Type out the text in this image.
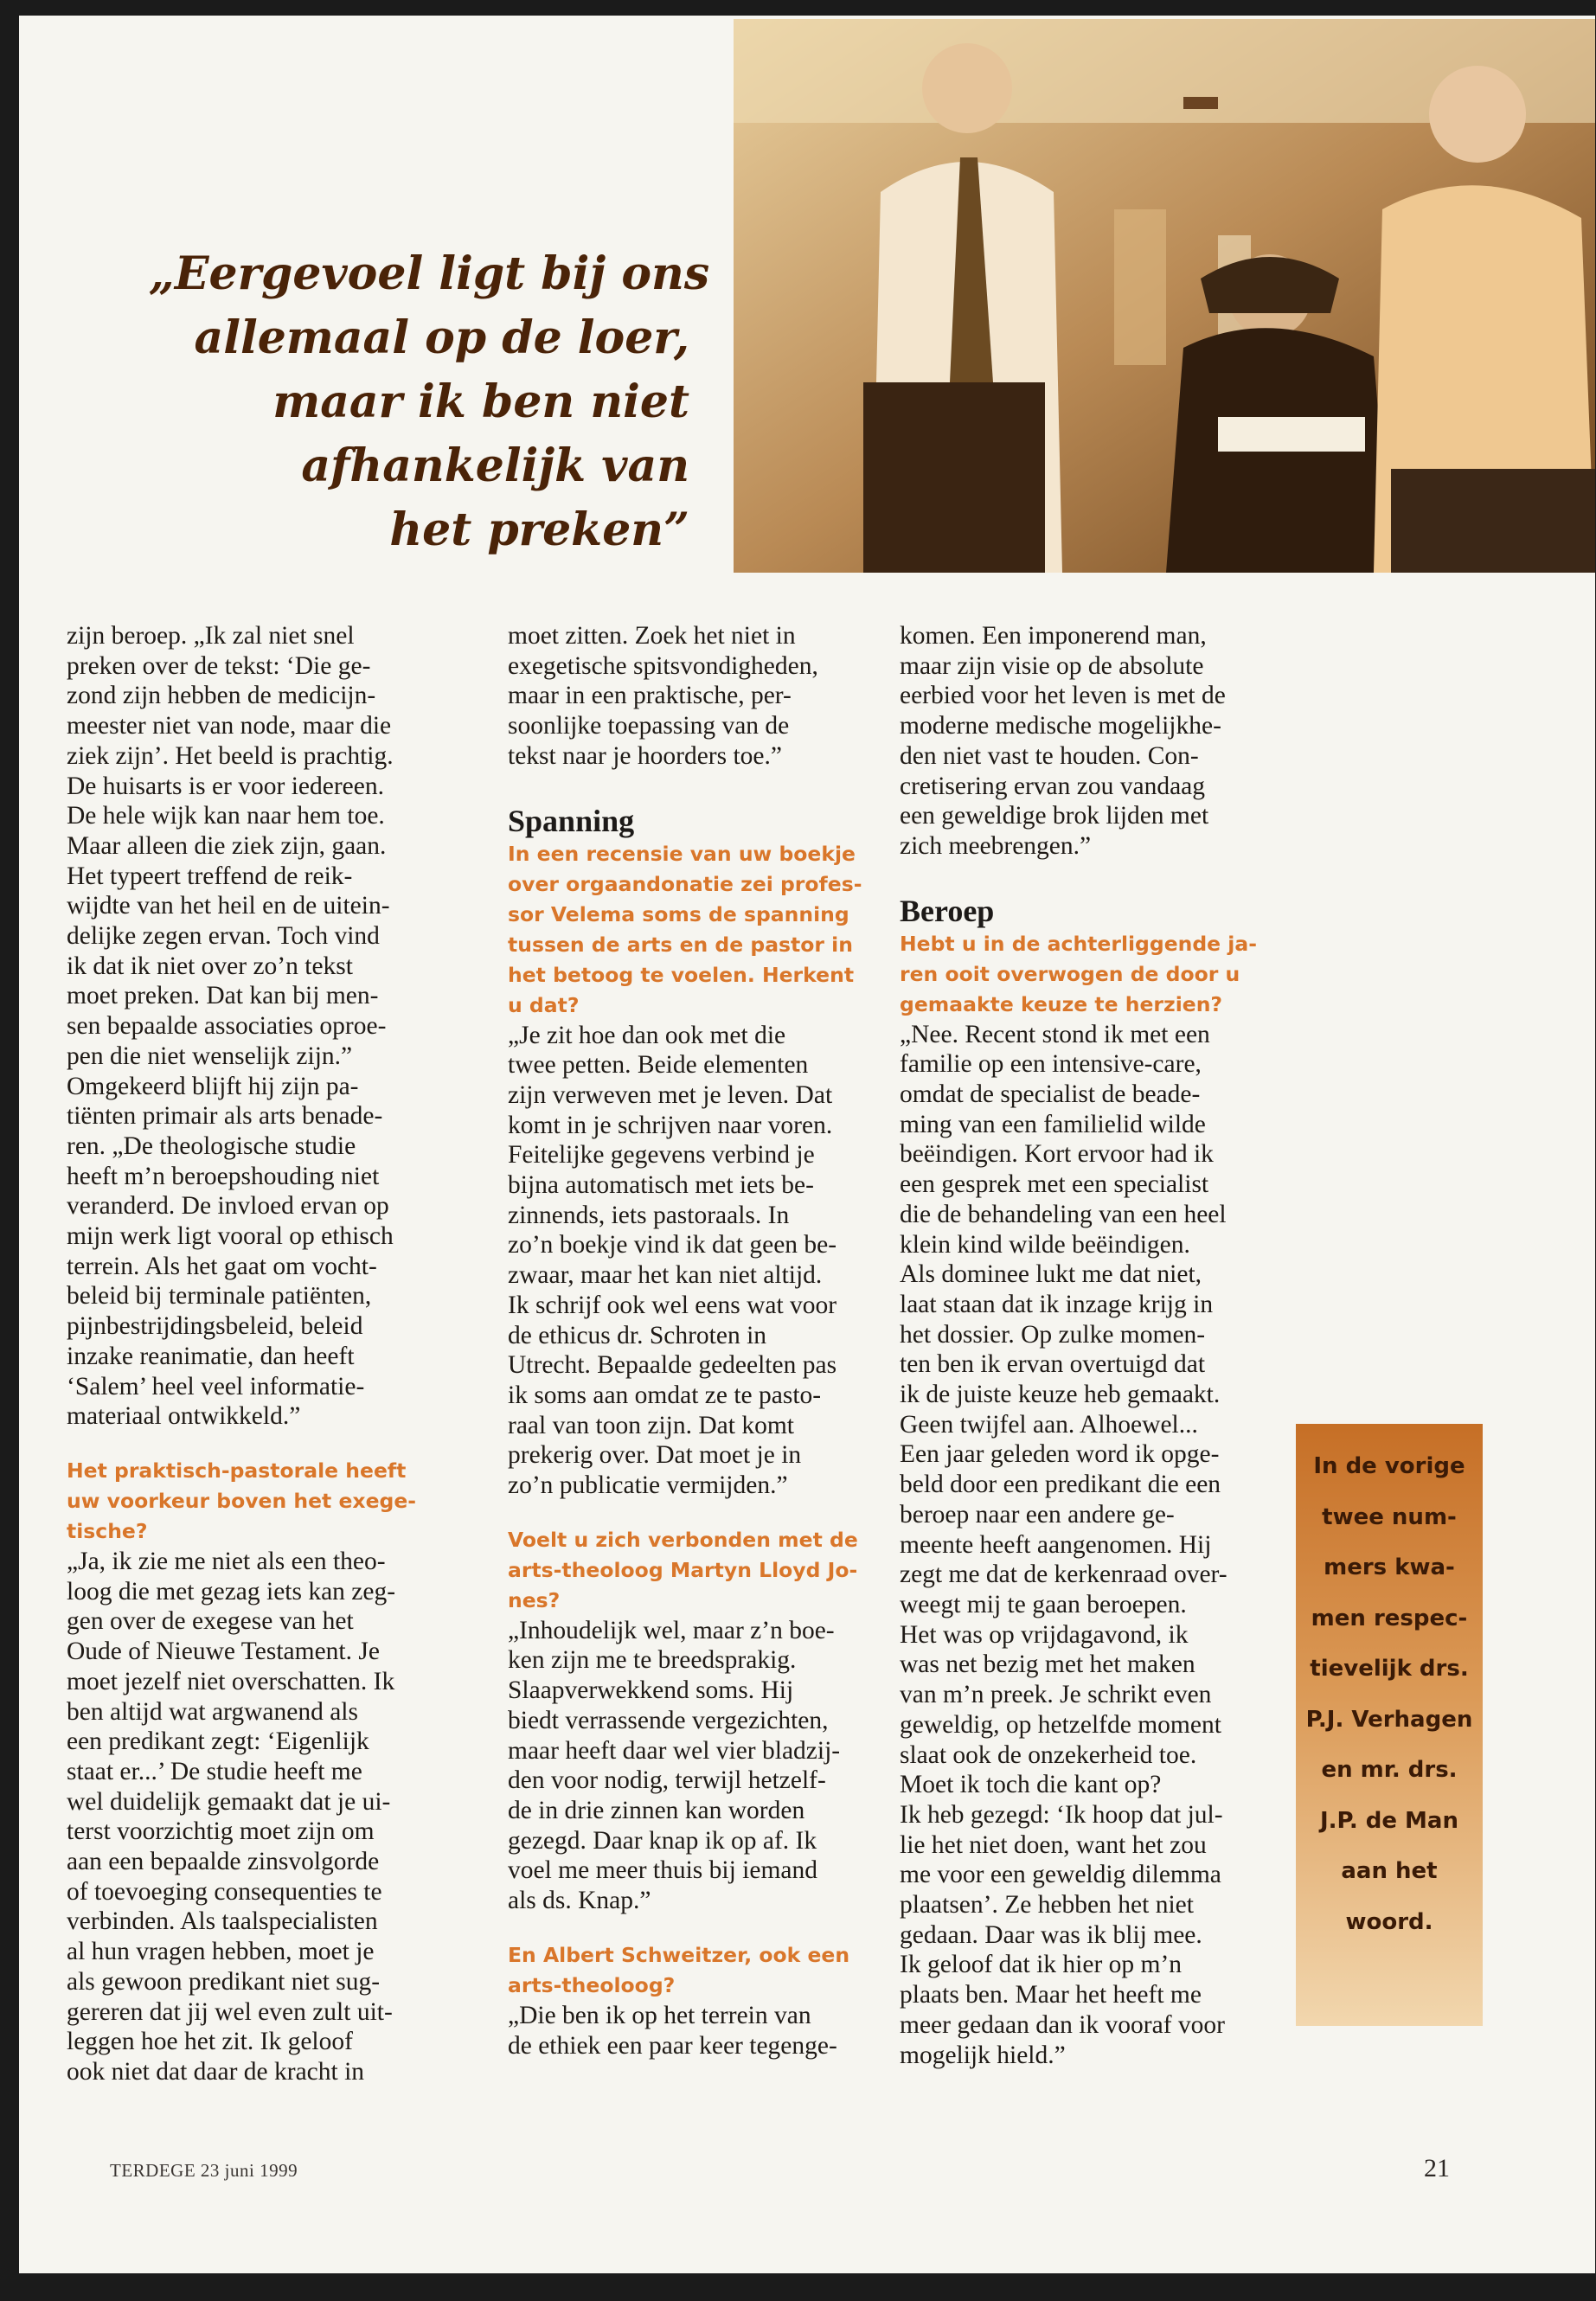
„Eergevoel ligt bij ons
allemaal op de loer,
maar ik ben niet
afhankelijk van
het preken”
zijn beroep. „Ik zal niet snel
preken over de tekst: ‘Die ge-
zond zijn hebben de medicijn-
meester niet van node, maar die
ziek zijn’. Het beeld is prachtig.
De huisarts is er voor iedereen.
De hele wijk kan naar hem toe.
Maar alleen die ziek zijn, gaan.
Het typeert treffend de reik-
wijdte van het heil en de uitein-
delijke zegen ervan. Toch vind
ik dat ik niet over zo’n tekst
moet preken. Dat kan bij men-
sen bepaalde associaties oproe-
pen die niet wenselijk zijn.”
Omgekeerd blijft hij zijn pa-
tiënten primair als arts benade-
ren. „De theologische studie
heeft m’n beroepshouding niet
veranderd. De invloed ervan op
mijn werk ligt vooral op ethisch
terrein. Als het gaat om vocht-
beleid bij terminale patiënten,
pijnbestrijdingsbeleid, beleid
inzake reanimatie, dan heeft
‘Salem’ heel veel informatie-
materiaal ontwikkeld.”
Het praktisch-pastorale heeft
uw voorkeur boven het exege-
tische?
„Ja, ik zie me niet als een theo-
loog die met gezag iets kan zeg-
gen over de exegese van het
Oude of Nieuwe Testament. Je
moet jezelf niet overschatten. Ik
ben altijd wat argwanend als
een predikant zegt: ‘Eigenlijk
staat er...’ De studie heeft me
wel duidelijk gemaakt dat je ui-
terst voorzichtig moet zijn om
aan een bepaalde zinsvolgorde
of toevoeging consequenties te
verbinden. Als taalspecialisten
al hun vragen hebben, moet je
als gewoon predikant niet sug-
gereren dat jij wel even zult uit-
leggen hoe het zit. Ik geloof
ook niet dat daar de kracht in
moet zitten. Zoek het niet in
exegetische spitsvondigheden,
maar in een praktische, per-
soonlijke toepassing van de
tekst naar je hoorders toe.”
Spanning
In een recensie van uw boekje
over orgaandonatie zei profes-
sor Velema soms de spanning
tussen de arts en de pastor in
het betoog te voelen. Herkent
u dat?
„Je zit hoe dan ook met die
twee petten. Beide elementen
zijn verweven met je leven. Dat
komt in je schrijven naar voren.
Feitelijke gegevens verbind je
bijna automatisch met iets be-
zinnends, iets pastoraals. In
zo’n boekje vind ik dat geen be-
zwaar, maar het kan niet altijd.
Ik schrijf ook wel eens wat voor
de ethicus dr. Schroten in
Utrecht. Bepaalde gedeelten pas
ik soms aan omdat ze te pasto-
raal van toon zijn. Dat komt
prekerig over. Dat moet je in
zo’n publicatie vermijden.”
Voelt u zich verbonden met de
arts-theoloog Martyn Lloyd Jo-
nes?
„Inhoudelijk wel, maar z’n boe-
ken zijn me te breedsprakig.
Slaapverwekkend soms. Hij
biedt verrassende vergezichten,
maar heeft daar wel vier bladzij-
den voor nodig, terwijl hetzelf-
de in drie zinnen kan worden
gezegd. Daar knap ik op af. Ik
voel me meer thuis bij iemand
als ds. Knap.”
En Albert Schweitzer, ook een
arts-theoloog?
„Die ben ik op het terrein van
de ethiek een paar keer tegenge-
komen. Een imponerend man,
maar zijn visie op de absolute
eerbied voor het leven is met de
moderne medische mogelijkhe-
den niet vast te houden. Con-
cretisering ervan zou vandaag
een geweldige brok lijden met
zich meebrengen.”
Beroep
Hebt u in de achterliggende ja-
ren ooit overwogen de door u
gemaakte keuze te herzien?
„Nee. Recent stond ik met een
familie op een intensive-care,
omdat de specialist de beade-
ming van een familielid wilde
beëindigen. Kort ervoor had ik
een gesprek met een specialist
die de behandeling van een heel
klein kind wilde beëindigen.
Als dominee lukt me dat niet,
laat staan dat ik inzage krijg in
het dossier. Op zulke momen-
ten ben ik ervan overtuigd dat
ik de juiste keuze heb gemaakt.
Geen twijfel aan. Alhoewel...
Een jaar geleden word ik opge-
beld door een predikant die een
beroep naar een andere ge-
meente heeft aangenomen. Hij
zegt me dat de kerkenraad over-
weegt mij te gaan beroepen.
Het was op vrijdagavond, ik
was net bezig met het maken
van m’n preek. Je schrikt even
geweldig, op hetzelfde moment
slaat ook de onzekerheid toe.
Moet ik toch die kant op?
Ik heb gezegd: ‘Ik hoop dat jul-
lie het niet doen, want het zou
me voor een geweldig dilemma
plaatsen’. Ze hebben het niet
gedaan. Daar was ik blij mee.
Ik geloof dat ik hier op m’n
plaats ben. Maar het heeft me
meer gedaan dan ik vooraf voor
mogelijk hield.”
In de vorige
twee num-
mers kwa-
men respec-
tievelijk drs.
P.J. Verhagen
en mr. drs.
J.P. de Man
aan het
woord.
TERDEGE 23 juni 1999	21
